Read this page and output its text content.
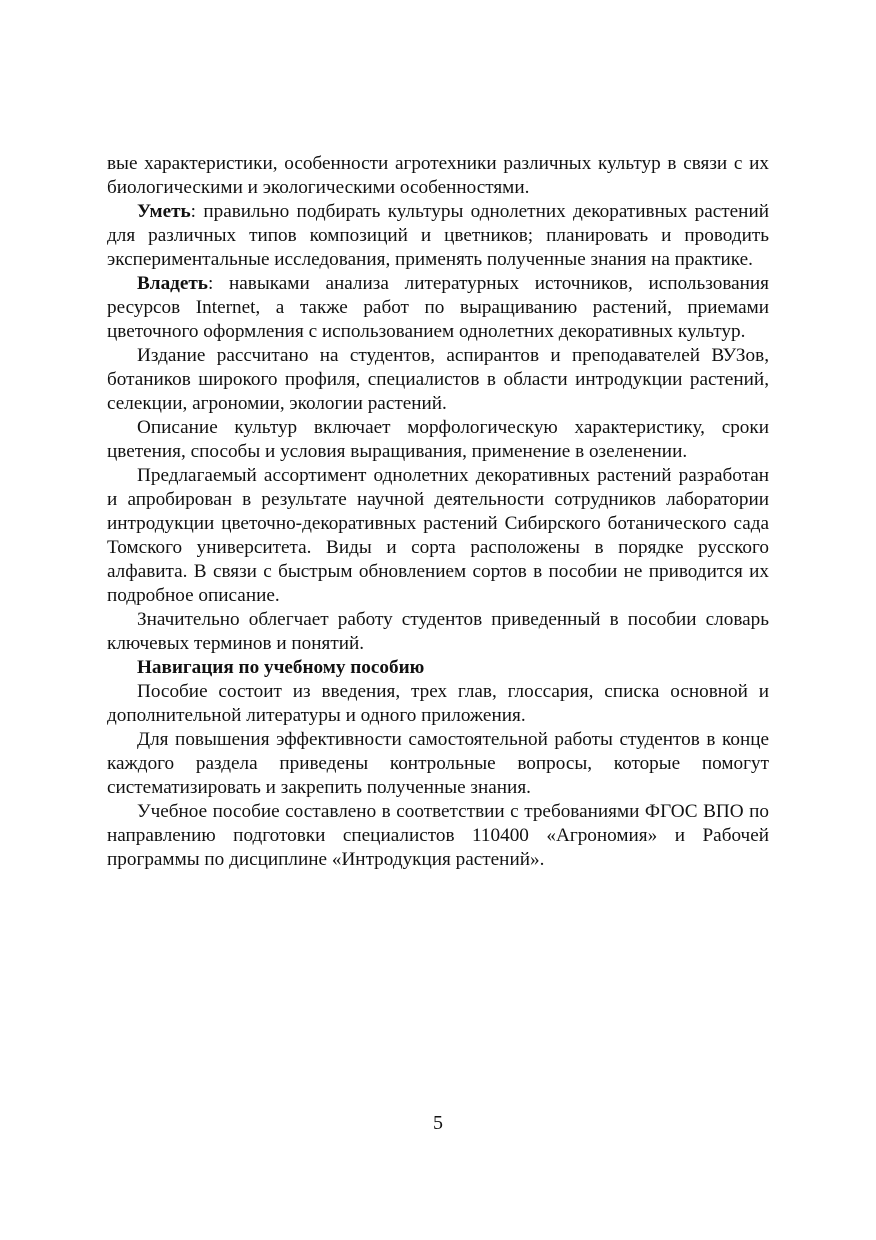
вые характеристики, особенности агротехники различных культур в связи с их биологическими и экологическими особенностями.

Уметь: правильно подбирать культуры однолетних декоративных растений для различных типов композиций и цветников; планировать и проводить экспериментальные исследования, применять полученные знания на практике.

Владеть: навыками анализа литературных источников, использования ресурсов Internet, а также работ по выращиванию растений, приемами цветочного оформления с использованием однолетних декоративных культур.

Издание рассчитано на студентов, аспирантов и преподавателей ВУЗов, ботаников широкого профиля, специалистов в области интродукции растений, селекции, агрономии, экологии растений.

Описание культур включает морфологическую характеристику, сроки цветения, способы и условия выращивания, применение в озеленении.

Предлагаемый ассортимент однолетних декоративных растений разработан и апробирован в результате научной деятельности сотрудников лаборатории интродукции цветочно-декоративных растений Сибирского ботанического сада Томского университета. Виды и сорта расположены в порядке русского алфавита. В связи с быстрым обновлением сортов в пособии не приводится их подробное описание.

Значительно облегчает работу студентов приведенный в пособии словарь ключевых терминов и понятий.

Навигация по учебному пособию

Пособие состоит из введения, трех глав, глоссария, списка основной и дополнительной литературы и одного приложения.

Для повышения эффективности самостоятельной работы студентов в конце каждого раздела приведены контрольные вопросы, которые помогут систематизировать и закрепить полученные знания.

Учебное пособие составлено в соответствии с требованиями ФГОС ВПО по направлению подготовки специалистов 110400 «Агрономия» и Рабочей программы по дисциплине «Интродукция растений».

5
